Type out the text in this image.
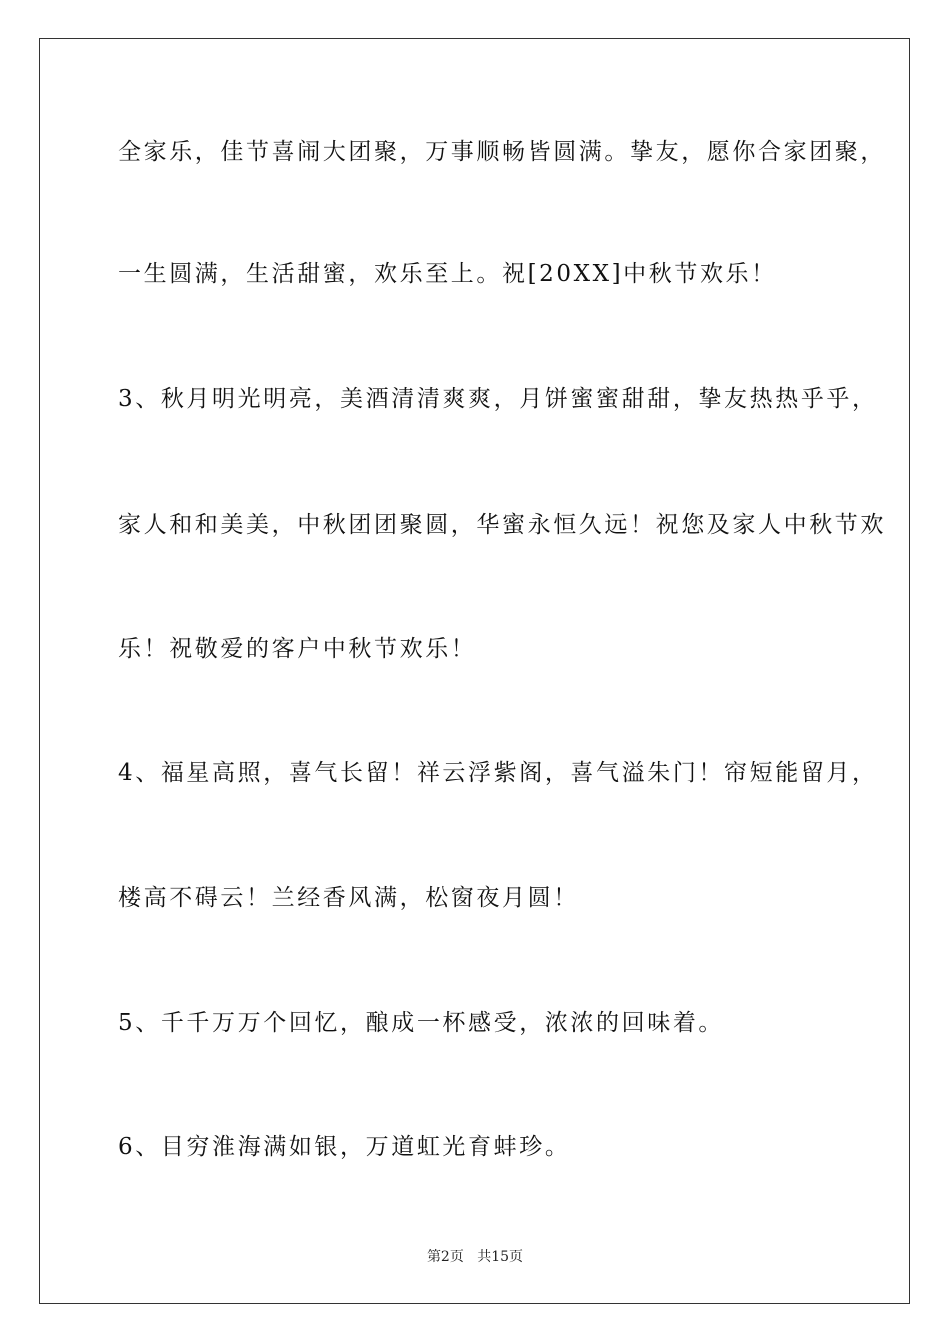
全家乐，佳节喜闹大团聚，万事顺畅皆圆满。挚友，愿你合家团聚，
一生圆满，生活甜蜜，欢乐至上。祝[20XX]中秋节欢乐！
3、秋月明光明亮，美酒清清爽爽，月饼蜜蜜甜甜，挚友热热乎乎，
家人和和美美，中秋团团聚圆，华蜜永恒久远！祝您及家人中秋节欢
乐！祝敬爱的客户中秋节欢乐！
4、福星高照，喜气长留！祥云浮紫阁，喜气溢朱门！帘短能留月，
楼高不碍云！兰经香风满，松窗夜月圆！
5、千千万万个回忆，酿成一杯感受，浓浓的回味着。
6、目穷淮海满如银，万道虹光育蚌珍。
第2页 共15页
